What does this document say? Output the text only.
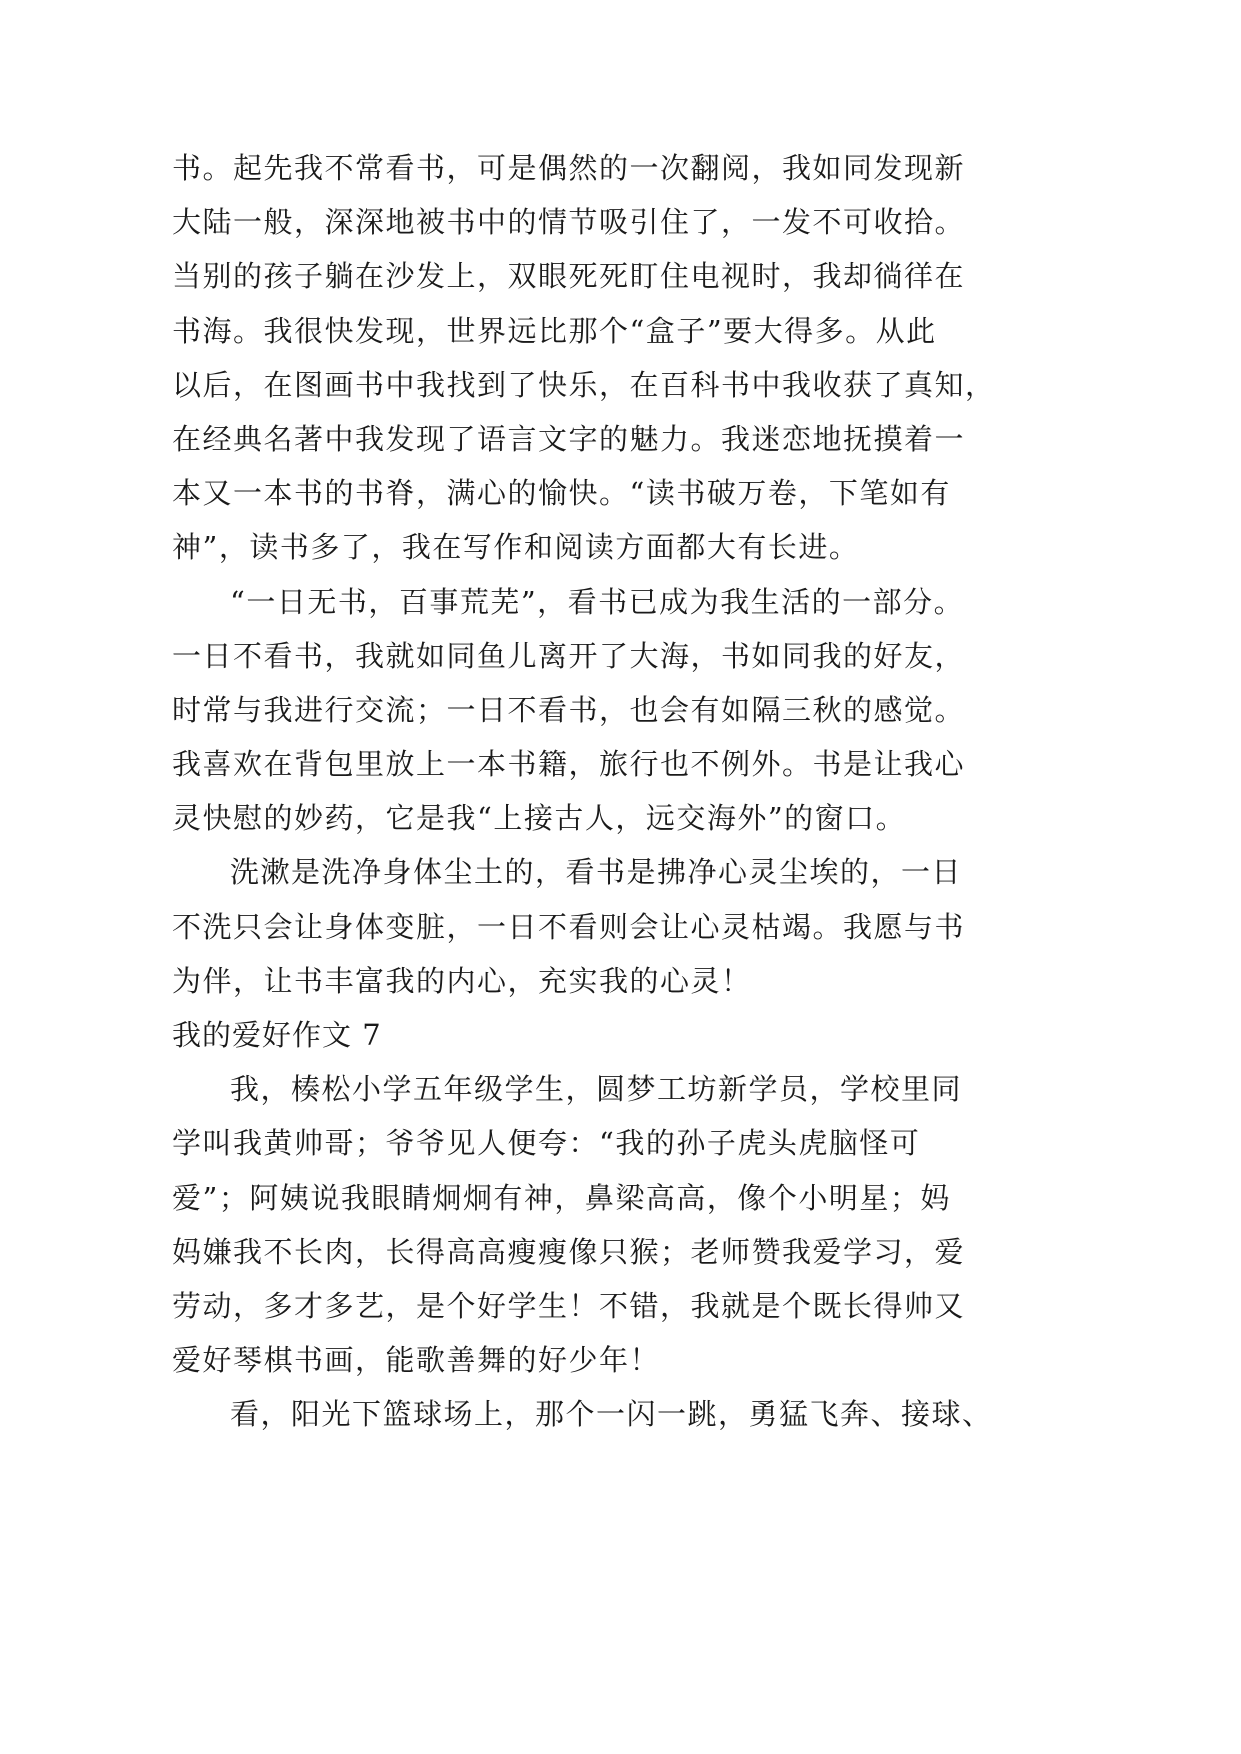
书。起先我不常看书，可是偶然的一次翻阅，我如同发现新
大陆一般，深深地被书中的情节吸引住了，一发不可收拾。
当别的孩子躺在沙发上，双眼死死盯住电视时，我却徜徉在
书海。我很快发现，世界远比那个“盒子”要大得多。从此
以后，在图画书中我找到了快乐，在百科书中我收获了真知，
在经典名著中我发现了语言文字的魅力。我迷恋地抚摸着一
本又一本书的书脊，满心的愉快。“读书破万卷，下笔如有
神”，读书多了，我在写作和阅读方面都大有长进。
“一日无书，百事荒芜”，看书已成为我生活的一部分。
一日不看书，我就如同鱼儿离开了大海，书如同我的好友，
时常与我进行交流；一日不看书，也会有如隔三秋的感觉。
我喜欢在背包里放上一本书籍，旅行也不例外。书是让我心
灵快慰的妙药，它是我“上接古人，远交海外”的窗口。
洗漱是洗净身体尘土的，看书是拂净心灵尘埃的，一日
不洗只会让身体变脏，一日不看则会让心灵枯竭。我愿与书
为伴，让书丰富我的内心，充实我的心灵！
我的爱好作文 7
我，楱松小学五年级学生，圆梦工坊新学员，学校里同
学叫我黄帅哥；爷爷见人便夸：“我的孙子虎头虎脑怪可
爱”；阿姨说我眼睛炯炯有神，鼻梁高高，像个小明星；妈
妈嫌我不长肉，长得高高瘦瘦像只猴；老师赞我爱学习，爱
劳动，多才多艺，是个好学生！不错，我就是个既长得帅又
爱好琴棋书画，能歌善舞的好少年！
看，阳光下篮球场上，那个一闪一跳，勇猛飞奔、接球、
